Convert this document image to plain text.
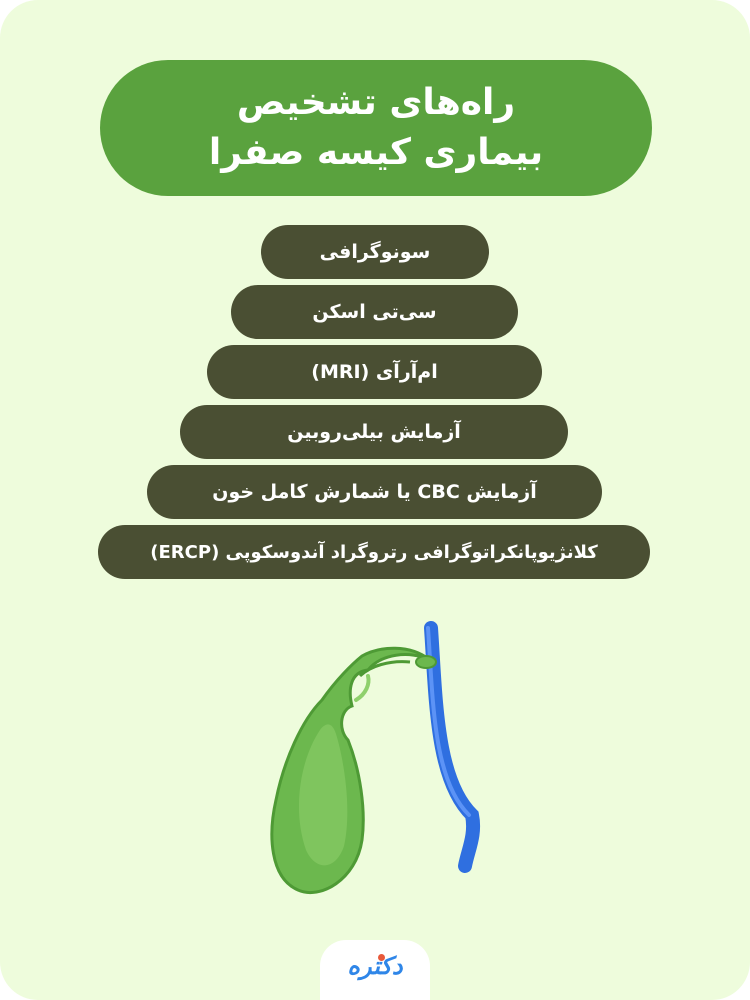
راه‌های تشخیص
بیماری کیسه صفرا
سونوگرافی
سی‌تی اسکن
ام‌آرآی (MRI)
آزمایش بیلی‌روبین
آزمایش CBC یا شمارش کامل خون
کلانژیوپانکراتوگرافی رتروگراد آندوسکوپی (ERCP)
دکتره
